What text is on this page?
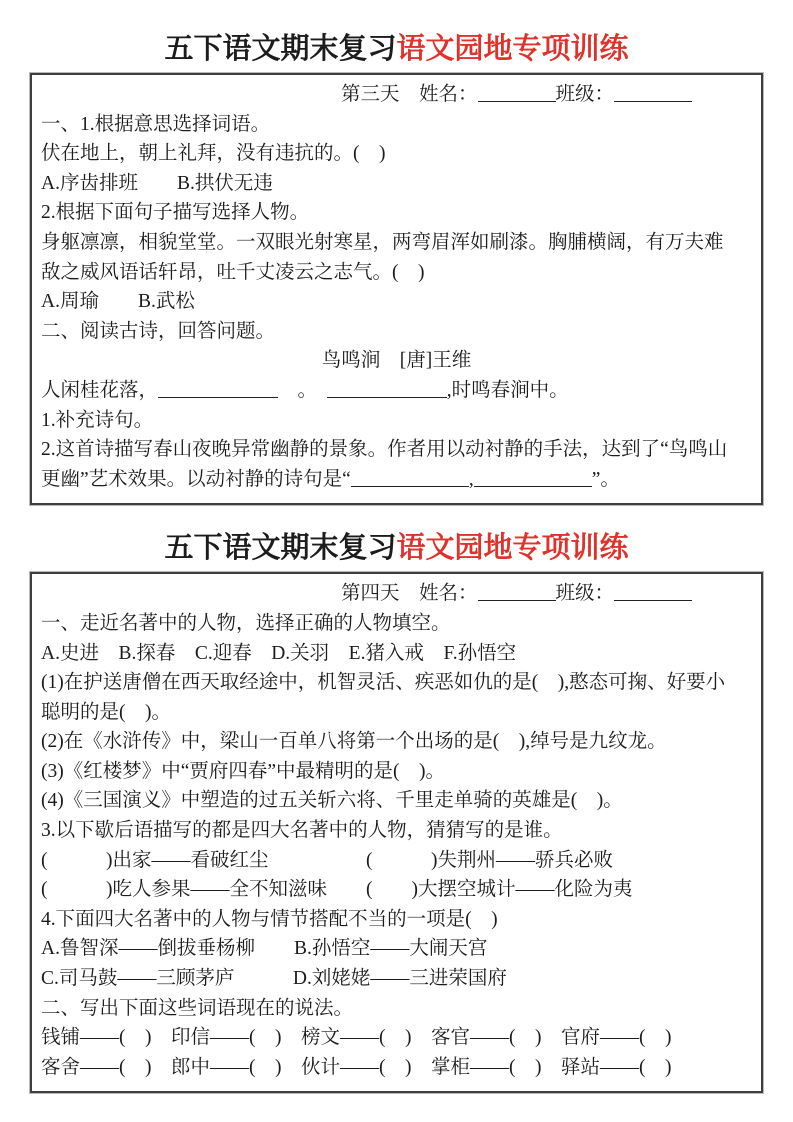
五下语文期末复习语文园地专项训练
第三天　姓名：	班级：
一、1.根据意思选择词语。
伏在地上，朝上礼拜，没有违抗的。(　)
A.序齿排班　　B.拱伏无违
2.根据下面句子描写选择人物。
身躯凛凛，相貌堂堂。一双眼光射寒星，两弯眉浑如刷漆。胸脯横阔，有万夫难
敌之威风语话轩昂，吐千丈凌云之志气。(　)
A.周瑜　　B.武松
二、阅读古诗，回答问题。
鸟鸣涧　[唐]王维
人闲桂花落，	　。　	,时鸣春涧中。
1.补充诗句。
2.这首诗描写春山夜晚异常幽静的景象。作者用以动衬静的手法，达到了“鸟鸣山
更幽”艺术效果。以动衬静的诗句是“	,	”。
五下语文期末复习语文园地专项训练
第四天　姓名：	班级：
一、走近名著中的人物，选择正确的人物填空。
A.史进　B.探春　C.迎春　D.关羽　E.猪入戒　F.孙悟空
(1)在护送唐僧在西天取经途中，机智灵活、疾恶如仇的是(　),憨态可掬、好要小
聪明的是(　)。
(2)在《水浒传》中，梁山一百单八将第一个出场的是(　),绰号是九纹龙。
(3)《红楼梦》中“贾府四春”中最精明的是(　)。
(4)《三国演义》中塑造的过五关斩六将、千里走单骑的英雄是(　)。
3.以下歇后语描写的都是四大名著中的人物，猜猜写的是谁。
(　　　)出家——看破红尘　　　　　(　　　)失荆州——骄兵必败
(　　　)吃人参果——全不知滋味　　(　　)大摆空城计——化险为夷
4.下面四大名著中的人物与情节搭配不当的一项是(　)
A.鲁智深——倒拔垂杨柳　　B.孙悟空——大闹天宫
C.司马鼓——三顾茅庐　　　D.刘姥姥——三进荣国府
二、写出下面这些词语现在的说法。
钱铺——(　)　印信——(　)　榜文——(　)　客官——(　)　官府——(　)
客舍——(　)　郎中——(　)　伙计——(　)　掌柜——(　)　驿站——(　)
